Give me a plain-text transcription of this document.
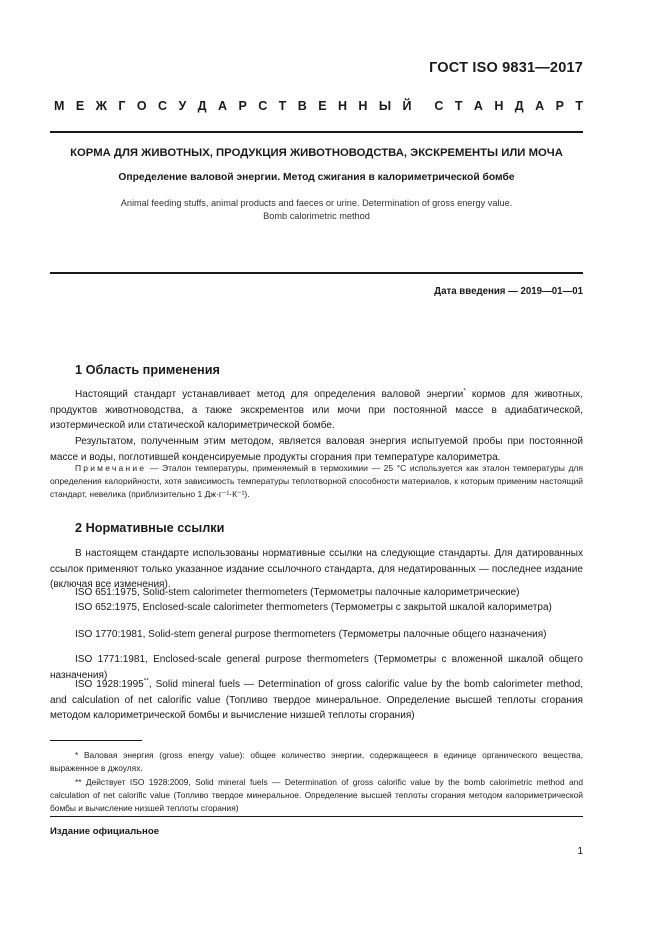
ГОСТ ISO 9831—2017
М Е Ж Г О С У Д А Р С Т В Е Н Н Ы Й С Т А Н Д А Р Т
КОРМА ДЛЯ ЖИВОТНЫХ, ПРОДУКЦИЯ ЖИВОТНОВОДСТВА, ЭКСКРЕМЕНТЫ ИЛИ МОЧА
Определение валовой энергии. Метод сжигания в калориметрической бомбе
Animal feeding stuffs, animal products and faeces or urine. Determination of gross energy value.
Bomb calorimetric method
Дата введения — 2019—01—01
1 Область применения
Настоящий стандарт устанавливает метод для определения валовой энергии* кормов для животных, продуктов животноводства, а также экскрементов или мочи при постоянной массе в адиабатической, изотермической или статической калориметрической бомбе.
Результатом, полученным этим методом, является валовая энергия испытуемой пробы при постоянной массе и воды, поглотившей конденсируемые продукты сгорания при температуре калориметра.
Примечание — Эталон температуры, применяемый в термохимии — 25 °С используется как эталон температуры для определения калорийности, хотя зависимость температуры теплотворной способности материалов, к которым применим настоящий стандарт, невелика (приблизительно 1 Дж·г⁻¹·К⁻¹).
2 Нормативные ссылки
В настоящем стандарте использованы нормативные ссылки на следующие стандарты. Для датированных ссылок применяют только указанное издание ссылочного стандарта, для недатированных — последнее издание (включая все изменения).
ISO 651:1975, Solid-stem calorimeter thermometers (Термометры палочные калориметрические)
ISO 652:1975, Enclosed-scale calorimeter thermometers (Термометры с закрытой шкалой калориметра)
ISO 1770:1981, Solid-stem general purpose thermometers (Термометры палочные общего назначения)
ISO 1771:1981, Enclosed-scale general purpose thermometers (Термометры с вложенной шкалой общего назначения)
ISO 1928:1995**, Solid mineral fuels — Determination of gross calorific value by the bomb calorimeter method, and calculation of net calorific value (Топливо твердое минеральное. Определение высшей теплоты сгорания методом калориметрической бомбы и вычисление низшей теплоты сгорания)
* Валовая энергия (gross energy value): общее количество энергии, содержащееся в единице органического вещества, выраженное в джоулях.
** Действует ISO 1928:2009, Solid mineral fuels — Determination of gross calorific value by the bomb calorimetric method and calculation of net calorific value (Топливо твердое минеральное. Определение высшей теплоты сгорания методом калориметрической бомбы и вычисление низшей теплоты сгорания)
Издание официальное
1
